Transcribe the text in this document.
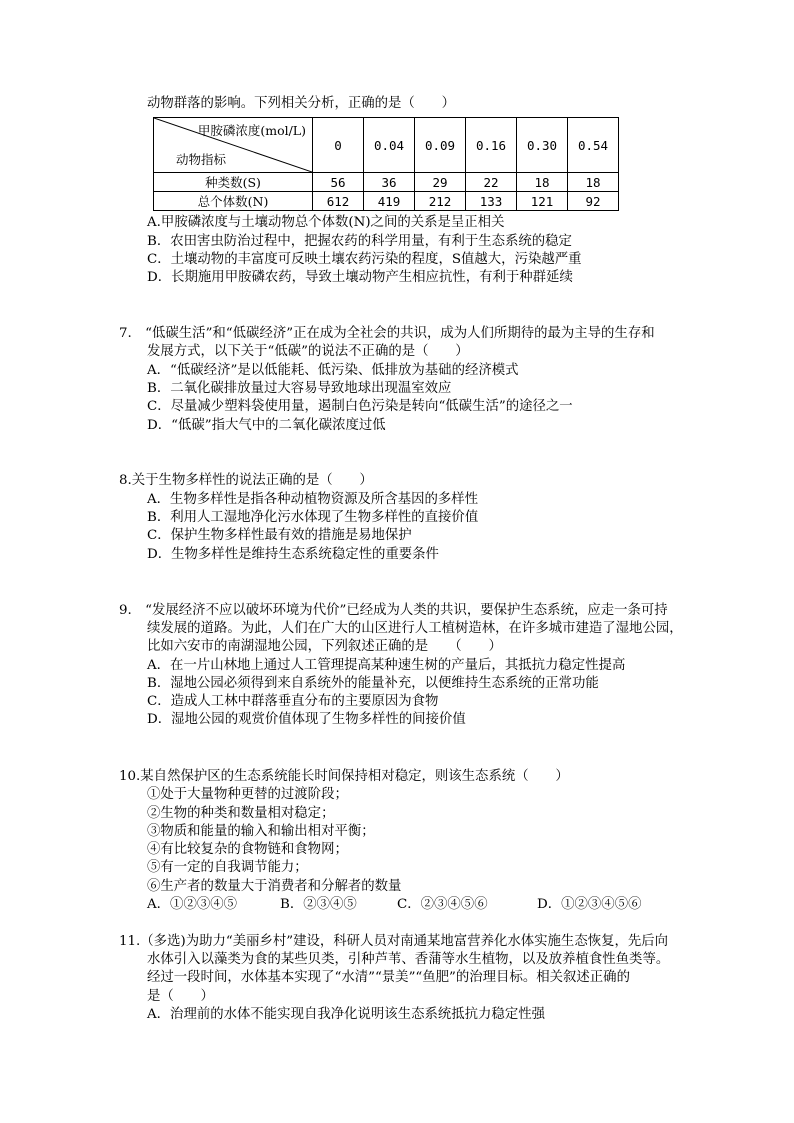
动物群落的影响。下列相关分析，正确的是（　　）
甲胺磷浓度(mol/L)
动物指标	0	0.04	0.09	0.16	0.30	0.54
种类数(S)	56	36	29	22	18	18
总个体数(N)	612	419	212	133	121	92
A.甲胺磷浓度与土壤动物总个体数(N)之间的关系是呈正相关
B．农田害虫防治过程中，把握农药的科学用量，有利于生态系统的稳定
C．土壤动物的丰富度可反映土壤农药污染的程度，S值越大，污染越严重
D．长期施用甲胺磷农药，导致土壤动物产生相应抗性，有利于种群延续
7.　“低碳生活”和“低碳经济”正在成为全社会的共识，成为人们所期待的最为主导的生存和
发展方式，以下关于“低碳”的说法不正确的是（　　）
A．“低碳经济”是以低能耗、低污染、低排放为基础的经济模式
B．二氧化碳排放量过大容易导致地球出现温室效应
C．尽量减少塑料袋使用量，遏制白色污染是转向“低碳生活”的途径之一
D．“低碳”指大气中的二氧化碳浓度过低
8.关于生物多样性的说法正确的是（　　）
A．生物多样性是指各种动植物资源及所含基因的多样性
B．利用人工湿地净化污水体现了生物多样性的直接价值
C．保护生物多样性最有效的措施是易地保护
D．生物多样性是维持生态系统稳定性的重要条件
9.　“发展经济不应以破坏环境为代价”已经成为人类的共识，要保护生态系统，应走一条可持
续发展的道路。为此，人们在广大的山区进行人工植树造林，在许多城市建造了湿地公园，
比如六安市的南湖湿地公园，下列叙述正确的是　　（　　）
A．在一片山林地上通过人工管理提高某种速生树的产量后，其抵抗力稳定性提高
B．湿地公园必须得到来自系统外的能量补充，以便维持生态系统的正常功能
C．造成人工林中群落垂直分布的主要原因为食物
D．湿地公园的观赏价值体现了生物多样性的间接价值
10.某自然保护区的生态系统能长时间保持相对稳定，则该生态系统（　　）
①处于大量物种更替的过渡阶段；
②生物的种类和数量相对稳定；
③物质和能量的输入和输出相对平衡；
④有比较复杂的食物链和食物网；
⑤有一定的自我调节能力；
⑥生产者的数量大于消费者和分解者的数量
A．①②③④⑤	B．②③④⑤	C．②③④⑤⑥	D．①②③④⑤⑥
11.（多选)为助力“美丽乡村”建设，科研人员对南通某地富营养化水体实施生态恢复，先后向
水体引入以藻类为食的某些贝类，引种芦苇、香蒲等水生植物，以及放养植食性鱼类等。
经过一段时间，水体基本实现了“水清”“景美”“鱼肥”的治理目标。相关叙述正确的
是（　　）
A．治理前的水体不能实现自我净化说明该生态系统抵抗力稳定性强
